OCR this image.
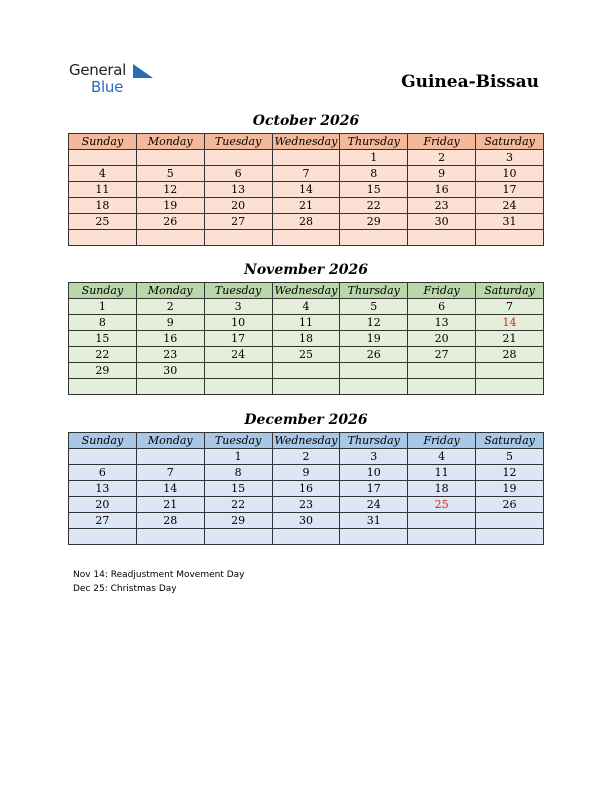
General
Blue	Guinea-Bissau
October 2026
Sunday	Monday	Tuesday	Wednesday	Thursday	Friday	Saturday
				1	2	3
4	5	6	7	8	9	10
11	12	13	14	15	16	17
18	19	20	21	22	23	24
25	26	27	28	29	30	31

November 2026
Sunday	Monday	Tuesday	Wednesday	Thursday	Friday	Saturday
1	2	3	4	5	6	7
8	9	10	11	12	13	14
15	16	17	18	19	20	21
22	23	24	25	26	27	28
29	30					

December 2026
Sunday	Monday	Tuesday	Wednesday	Thursday	Friday	Saturday
		1	2	3	4	5
6	7	8	9	10	11	12
13	14	15	16	17	18	19
20	21	22	23	24	25	26
27	28	29	30	31		

Nov 14: Readjustment Movement Day
Dec 25: Christmas Day
